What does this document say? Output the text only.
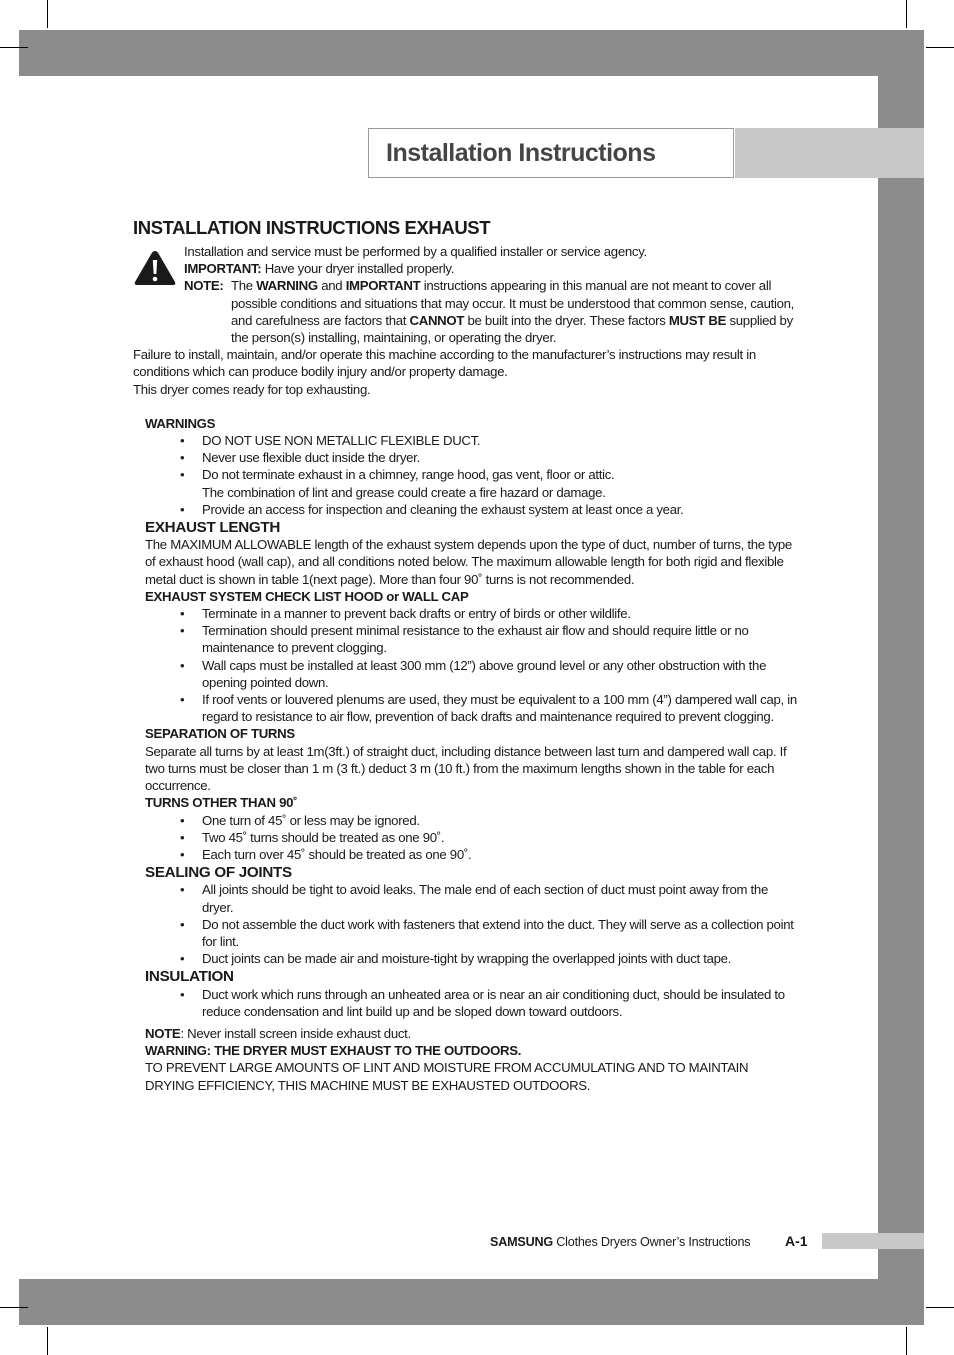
Installation Instructions
INSTALLATION INSTRUCTIONS EXHAUST

Installation and service must be performed by a qualified installer or service agency.

IMPORTANT: Have your dryer installed properly.

NOTE: The WARNING and IMPORTANT instructions appearing in this manual are not meant to cover all possible conditions and situations that may occur. It must be understood that common sense, caution, and carefulness are factors that CANNOT be built into the dryer. These factors MUST BE supplied by the person(s) installing, maintaining, or operating the dryer.

Failure to install, maintain, and/or operate this machine according to the manufacturer’s instructions may result in conditions which can produce bodily injury and/or property damage.

This dryer comes ready for top exhausting.

WARNINGS
• DO NOT USE NON METALLIC FLEXIBLE DUCT.
• Never use flexible duct inside the dryer.
• Do not terminate exhaust in a chimney, range hood, gas vent, floor or attic.
The combination of lint and grease could create a fire hazard or damage.
• Provide an access for inspection and cleaning the exhaust system at least once a year.
EXHAUST LENGTH

The MAXIMUM ALLOWABLE length of the exhaust system depends upon the type of duct, number of turns, the type of exhaust hood (wall cap), and all conditions noted below. The maximum allowable length for both rigid and flexible metal duct is shown in table 1(next page). More than four 90˚ turns is not recommended.

EXHAUST SYSTEM CHECK LIST HOOD or WALL CAP
• Terminate in a manner to prevent back drafts or entry of birds or other wildlife.
• Termination should present minimal resistance to the exhaust air flow and should require little or no maintenance to prevent clogging.
• Wall caps must be installed at least 300 mm (12”) above ground level or any other obstruction with the opening pointed down.
• If roof vents or louvered plenums are used, they must be equivalent to a 100 mm (4”) dampered wall cap, in regard to resistance to air flow, prevention of back drafts and maintenance required to prevent clogging.
SEPARATION OF TURNS

Separate all turns by at least 1m(3ft.) of straight duct, including distance between last turn and dampered wall cap. If two turns must be closer than 1 m (3 ft.) deduct 3 m (10 ft.) from the maximum lengths shown in the table for each occurrence.

TURNS OTHER THAN 90˚
• One turn of 45˚ or less may be ignored.
• Two 45˚ turns should be treated as one 90˚.
• Each turn over 45˚ should be treated as one 90˚.
SEALING OF JOINTS
• All joints should be tight to avoid leaks. The male end of each section of duct must point away from the dryer.
• Do not assemble the duct work with fasteners that extend into the duct. They will serve as a collection point for lint.
• Duct joints can be made air and moisture-tight by wrapping the overlapped joints with duct tape.
INSULATION
• Duct work which runs through an unheated area or is near an air conditioning duct, should be insulated to reduce condensation and lint build up and be sloped down toward outdoors.

NOTE: Never install screen inside exhaust duct.

WARNING: THE DRYER MUST EXHAUST TO THE OUTDOORS.

TO PREVENT LARGE AMOUNTS OF LINT AND MOISTURE FROM ACCUMULATING AND TO MAINTAIN DRYING EFFICIENCY, THIS MACHINE MUST BE EXHAUSTED OUTDOORS.

SAMSUNG Clothes Dryers Owner’s Instructions A-1
